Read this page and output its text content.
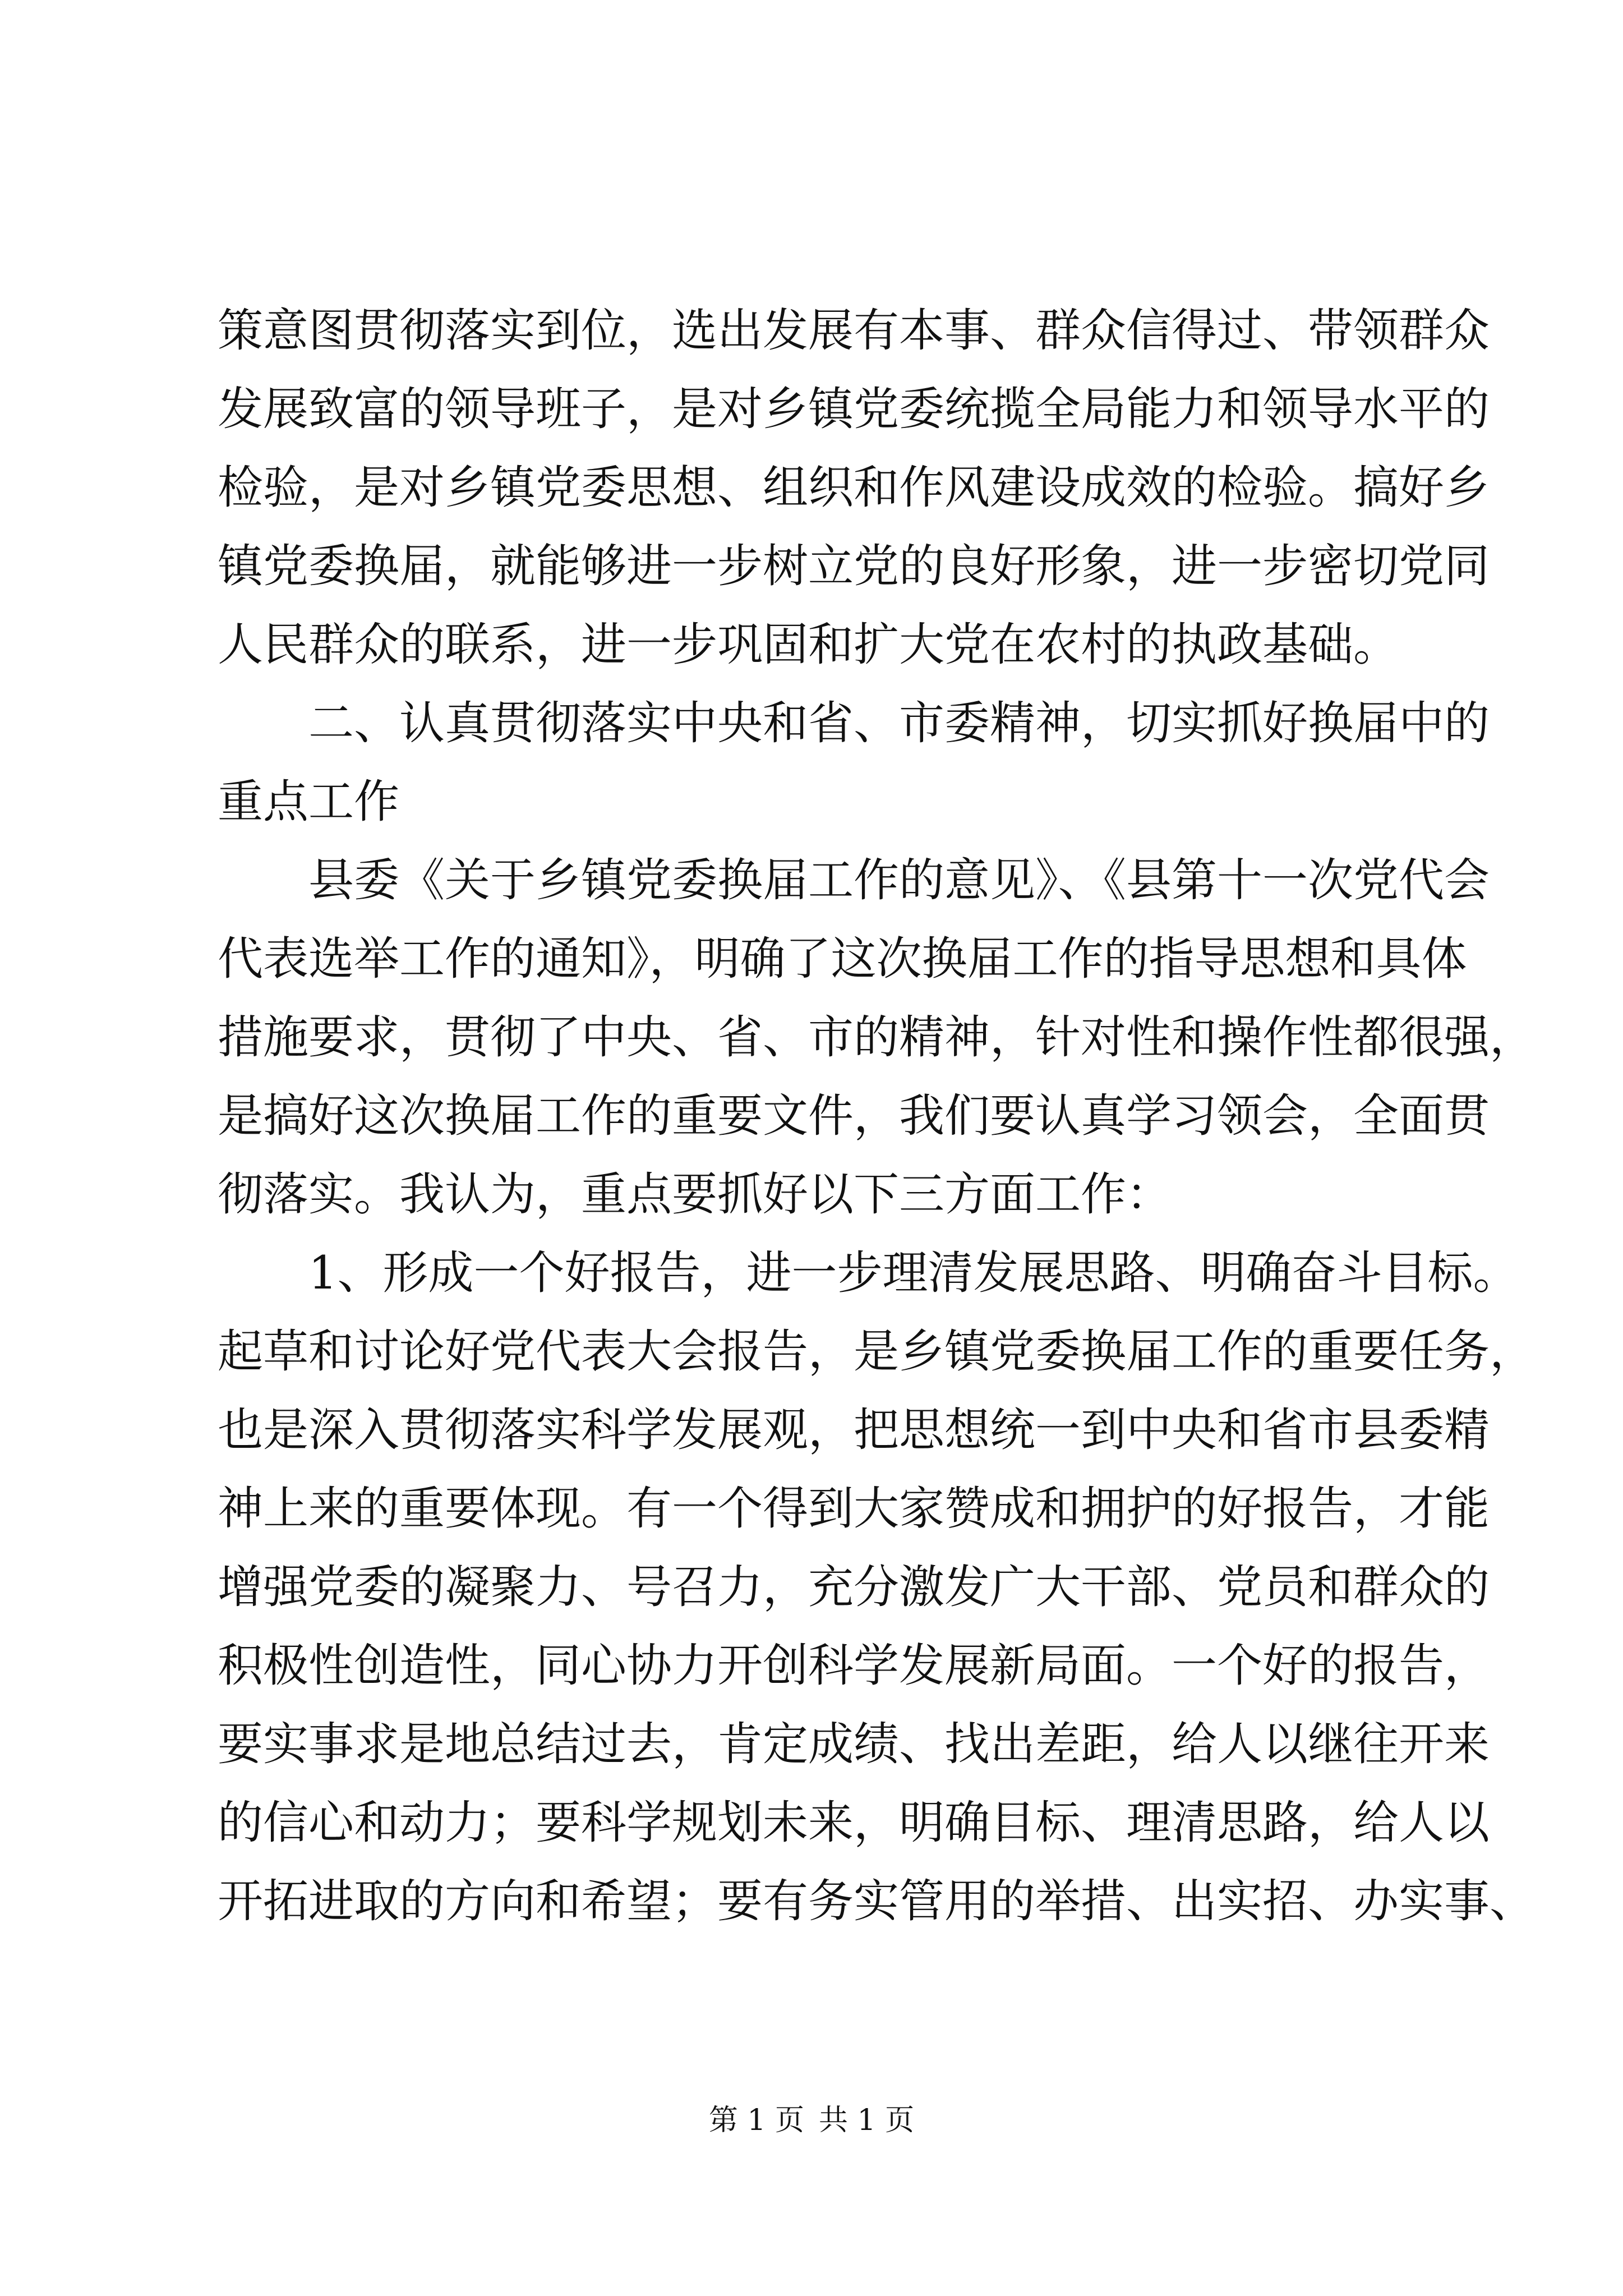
策意图贯彻落实到位，选出发展有本事、群众信得过、带领群众
发展致富的领导班子，是对乡镇党委统揽全局能力和领导水平的
检验，是对乡镇党委思想、组织和作风建设成效的检验。搞好乡
镇党委换届，就能够进一步树立党的良好形象，进一步密切党同
人民群众的联系，进一步巩固和扩大党在农村的执政基础。
二、认真贯彻落实中央和省、市委精神，切实抓好换届中的
重点工作
县委《关于乡镇党委换届工作的意见》、《县第十一次党代会
代表选举工作的通知》，明确了这次换届工作的指导思想和具体
措施要求，贯彻了中央、省、市的精神，针对性和操作性都很强，
是搞好这次换届工作的重要文件，我们要认真学习领会，全面贯
彻落实。我认为，重点要抓好以下三方面工作：
1、形成一个好报告，进一步理清发展思路、明确奋斗目标。
起草和讨论好党代表大会报告，是乡镇党委换届工作的重要任务，
也是深入贯彻落实科学发展观，把思想统一到中央和省市县委精
神上来的重要体现。有一个得到大家赞成和拥护的好报告，才能
增强党委的凝聚力、号召力，充分激发广大干部、党员和群众的
积极性创造性，同心协力开创科学发展新局面。一个好的报告，
要实事求是地总结过去，肯定成绩、找出差距，给人以继往开来
的信心和动力；要科学规划未来，明确目标、理清思路，给人以
开拓进取的方向和希望；要有务实管用的举措、出实招、办实事、
第 1 页 共 1 页
